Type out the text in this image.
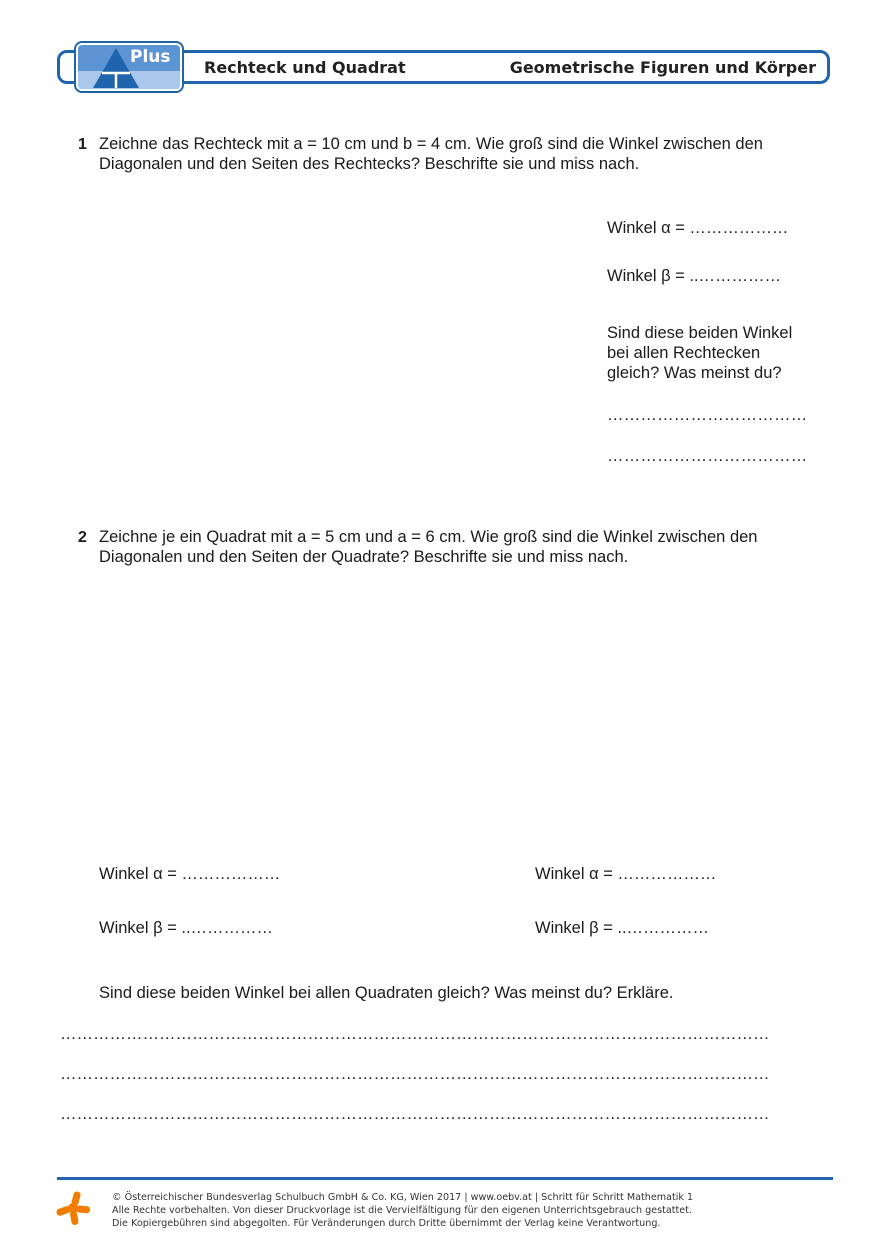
Plus
Rechteck und Quadrat	Geometrische Figuren und Körper
1 Zeichne das Rechteck mit a = 10 cm und b = 4 cm. Wie groß sind die Winkel zwischen den
Diagonalen und den Seiten des Rechtecks? Beschrifte sie und miss nach.
Winkel α = ………………
Winkel β = ..……………
Sind diese beiden Winkel
bei allen Rechtecken
gleich? Was meinst du?
………………………………
………………………………
2 Zeichne je ein Quadrat mit a = 5 cm und a = 6 cm. Wie groß sind die Winkel zwischen den
Diagonalen und den Seiten der Quadrate? Beschrifte sie und miss nach.
Winkel α = ………………
Winkel β = ..……………
Winkel α = ………………
Winkel β = ..……………
Sind diese beiden Winkel bei allen Quadraten gleich? Was meinst du? Erkläre.
…………………………………………………………………………………………………………………
…………………………………………………………………………………………………………………
…………………………………………………………………………………………………………………
© Österreichischer Bundesverlag Schulbuch GmbH & Co. KG, Wien 2017 | www.oebv.at | Schritt für Schritt Mathematik 1
Alle Rechte vorbehalten. Von dieser Druckvorlage ist die Vervielfältigung für den eigenen Unterrichtsgebrauch gestattet.
Die Kopiergebühren sind abgegolten. Für Veränderungen durch Dritte übernimmt der Verlag keine Verantwortung.
